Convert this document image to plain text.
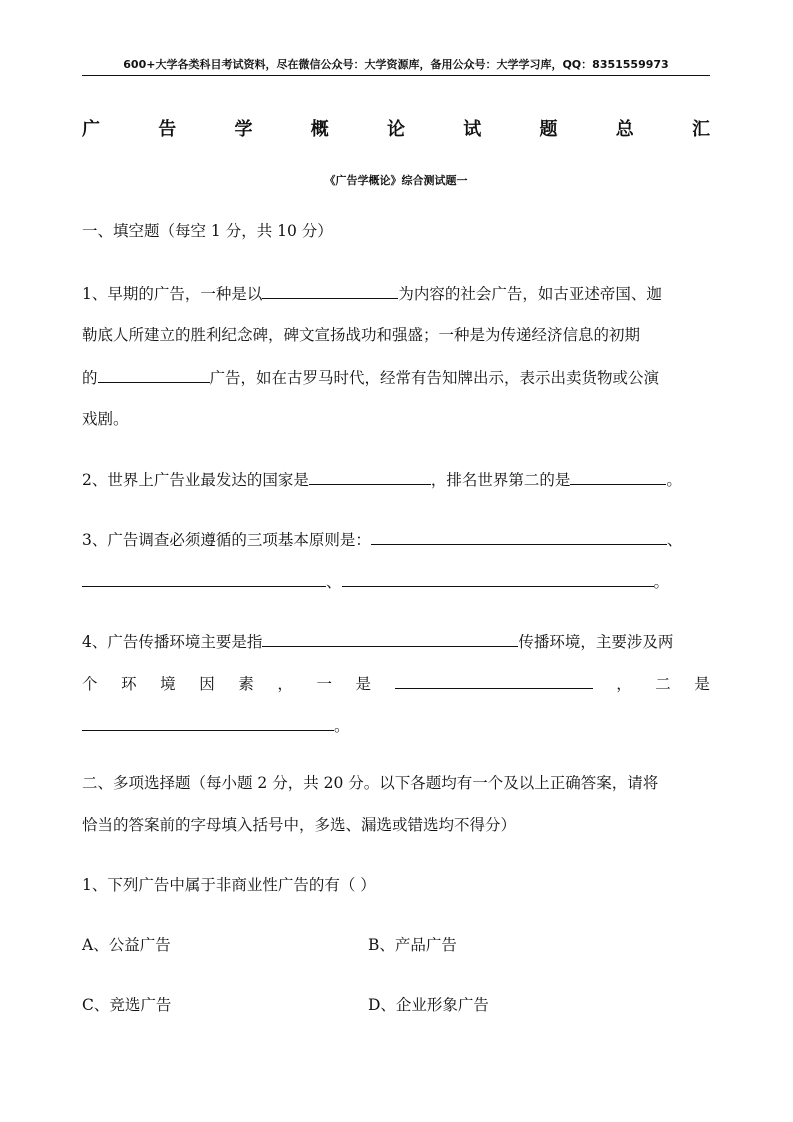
600+大学各类科目考试资料，尽在微信公众号：大学资源库，备用公众号：大学学习库，QQ：8351559973

广	告	学	概	论	试	题	总	汇

《广告学概论》综合测试题一

一、填空题（每空 1 分，共 10 分）

1、早期的广告，一种是以	为内容的社会广告，如古亚述帝国、迦

勒底人所建立的胜利纪念碑，碑文宣扬战功和强盛；一种是为传递经济信息的初期

的	广告，如在古罗马时代，经常有告知牌出示，表示出卖货物或公演

戏剧。

2、世界上广告业最发达的国家是	，排名世界第二的是	。

3、广告调查必须遵循的三项基本原则是：	、

、	。

4、广告传播环境主要是指	传播环境，主要涉及两

个 环 境 因 素 ， 一 是	， 二 是

。

二、多项选择题（每小题 2 分，共 20 分。以下各题均有一个及以上正确答案，请将

恰当的答案前的字母填入括号中，多选、漏选或错选均不得分）

1、下列广告中属于非商业性广告的有（ ）

A、公益广告	B、产品广告

C、竞选广告	D、企业形象广告
